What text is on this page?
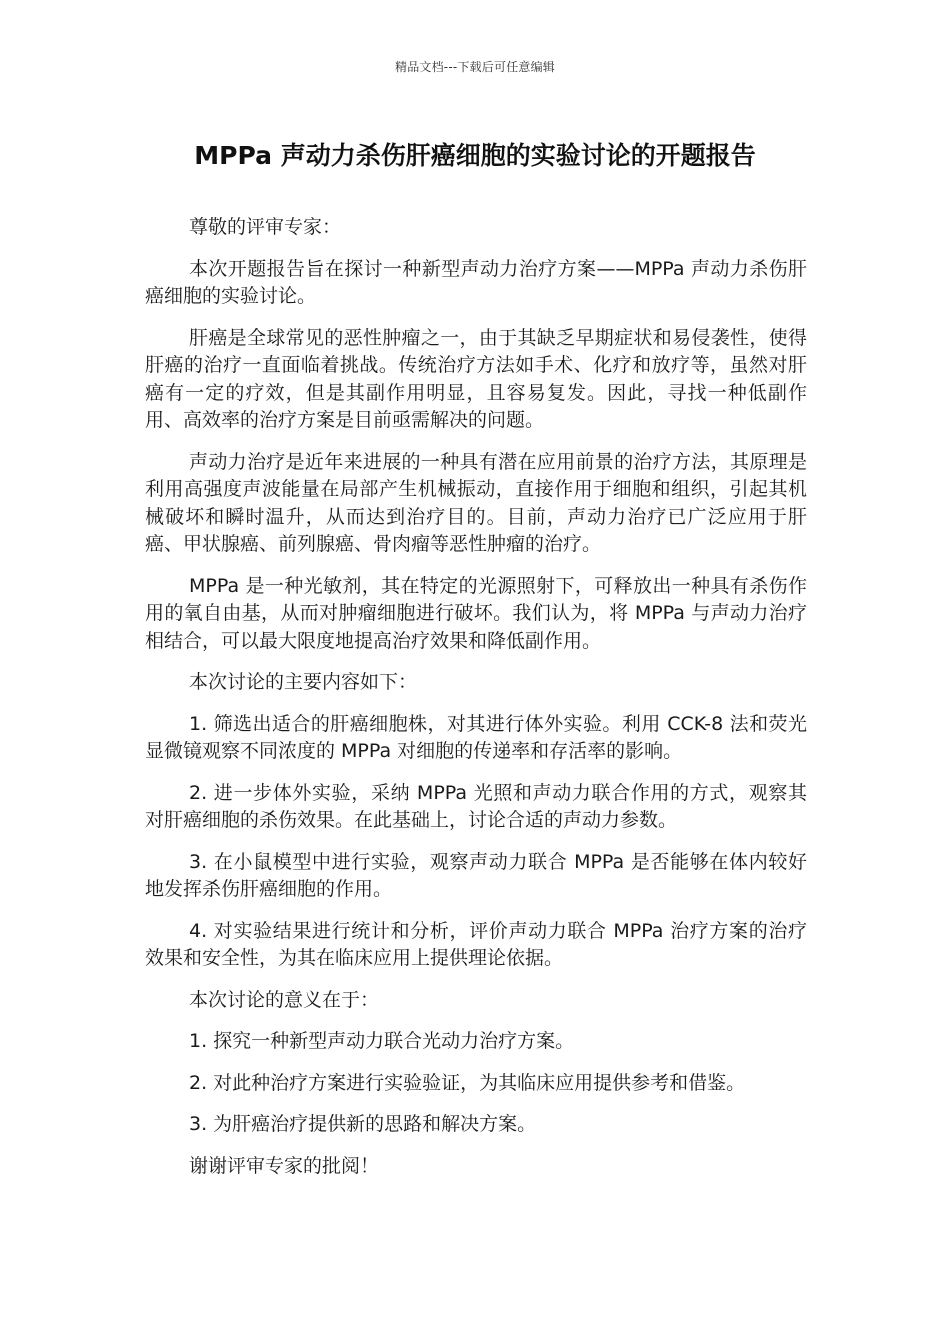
精品文档---下载后可任意编辑
MPPa 声动力杀伤肝癌细胞的实验讨论的开题报告

尊敬的评审专家：

本次开题报告旨在探讨一种新型声动力治疗方案——MPPa 声动力杀伤肝癌细胞的实验讨论。

肝癌是全球常见的恶性肿瘤之一，由于其缺乏早期症状和易侵袭性，使得肝癌的治疗一直面临着挑战。传统治疗方法如手术、化疗和放疗等，虽然对肝癌有一定的疗效，但是其副作用明显，且容易复发。因此，寻找一种低副作用、高效率的治疗方案是目前亟需解决的问题。

声动力治疗是近年来进展的一种具有潜在应用前景的治疗方法，其原理是利用高强度声波能量在局部产生机械振动，直接作用于细胞和组织，引起其机械破坏和瞬时温升，从而达到治疗目的。目前，声动力治疗已广泛应用于肝癌、甲状腺癌、前列腺癌、骨肉瘤等恶性肿瘤的治疗。

MPPa 是一种光敏剂，其在特定的光源照射下，可释放出一种具有杀伤作用的氧自由基，从而对肿瘤细胞进行破坏。我们认为，将 MPPa 与声动力治疗相结合，可以最大限度地提高治疗效果和降低副作用。

本次讨论的主要内容如下：

1. 筛选出适合的肝癌细胞株，对其进行体外实验。利用 CCK-8 法和荧光显微镜观察不同浓度的 MPPa 对细胞的传递率和存活率的影响。

2. 进一步体外实验，采纳 MPPa 光照和声动力联合作用的方式，观察其对肝癌细胞的杀伤效果。在此基础上，讨论合适的声动力参数。

3. 在小鼠模型中进行实验，观察声动力联合 MPPa 是否能够在体内较好地发挥杀伤肝癌细胞的作用。

4. 对实验结果进行统计和分析，评价声动力联合 MPPa 治疗方案的治疗效果和安全性，为其在临床应用上提供理论依据。

本次讨论的意义在于：

1. 探究一种新型声动力联合光动力治疗方案。

2. 对此种治疗方案进行实验验证，为其临床应用提供参考和借鉴。

3. 为肝癌治疗提供新的思路和解决方案。

谢谢评审专家的批阅！
